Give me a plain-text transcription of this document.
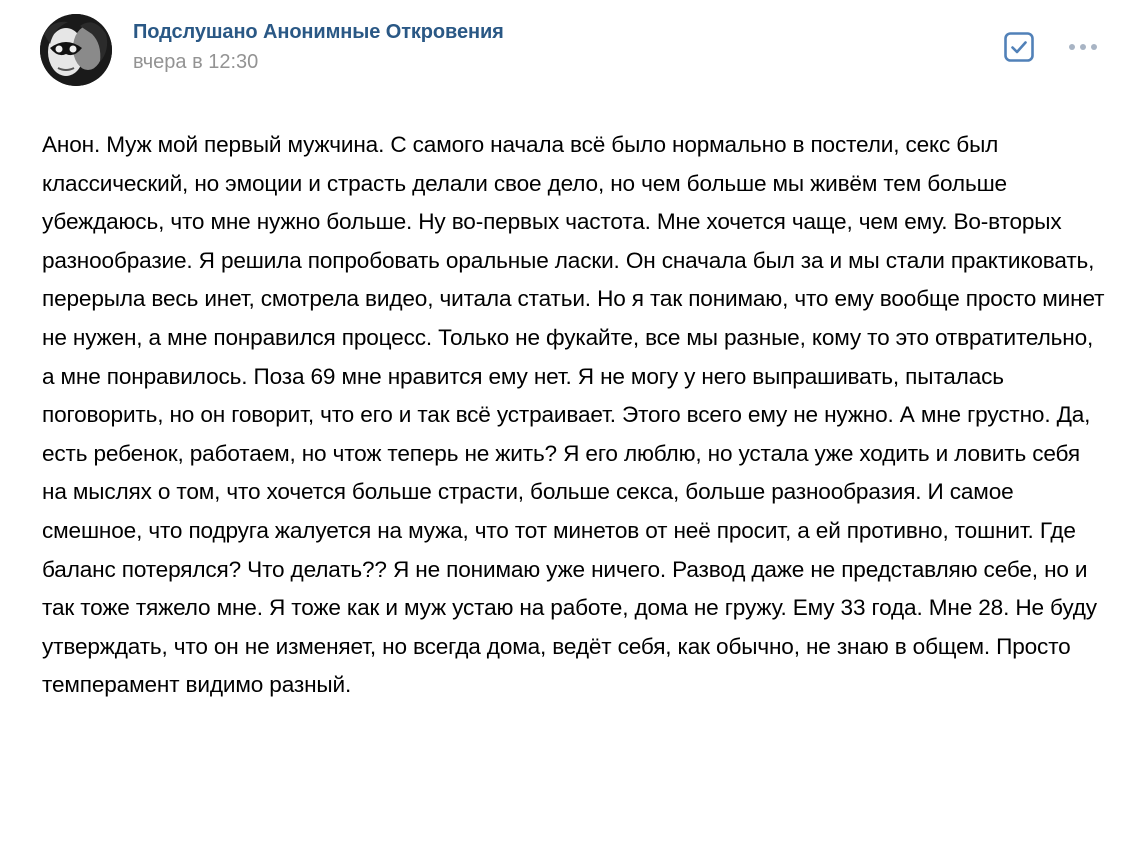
Подслушано Анонимные Откровения
вчера в 12:30
Анон. Муж мой первый мужчина. С самого начала всё было нормально в постели, секс был классический, но эмоции и страсть делали свое дело, но чем больше мы живём тем больше убеждаюсь, что мне нужно больше. Ну во-первых частота. Мне хочется чаще, чем ему. Во-вторых разнообразие. Я решила попробовать оральные ласки. Он сначала был за и мы стали практиковать, перерыла весь инет, смотрела видео, читала статьи. Но я так понимаю, что ему вообще просто минет не нужен, а мне понравился процесс. Только не фукайте, все мы разные, кому то это отвратительно, а мне понравилось. Поза 69 мне нравится ему нет. Я не могу у него выпрашивать, пыталась поговорить, но он говорит, что его и так всё устраивает. Этого всего ему не нужно. А мне грустно. Да, есть ребенок, работаем, но чтож теперь не жить? Я его люблю, но устала уже ходить и ловить себя на мыслях о том, что хочется больше страсти, больше секса, больше разнообразия. И самое смешное, что подруга жалуется на мужа, что тот минетов от неё просит, а ей противно, тошнит. Где баланс потерялся? Что делать?? Я не понимаю уже ничего. Развод даже не представляю себе, но и так тоже тяжело мне. Я тоже как и муж устаю на работе, дома не гружу. Ему 33 года. Мне 28. Не буду утверждать, что он не изменяет, но всегда дома, ведёт себя, как обычно, не знаю в общем. Просто темперамент видимо разный.
